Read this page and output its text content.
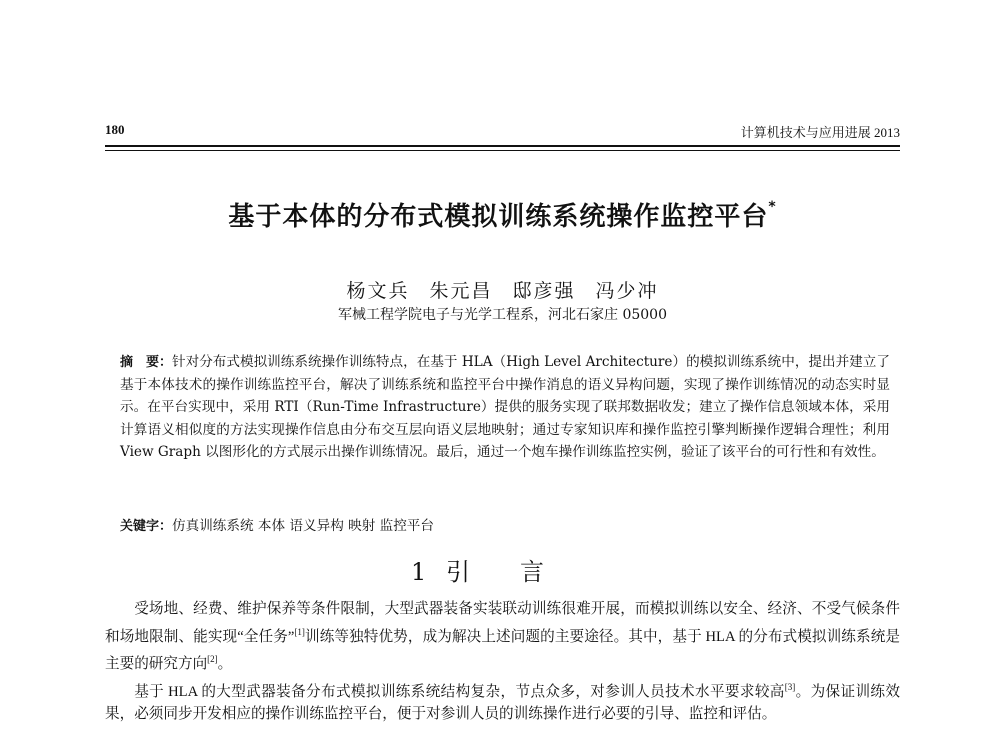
180	计算机技术与应用进展 2013
基于本体的分布式模拟训练系统操作监控平台*
杨文兵 朱元昌 邸彦强 冯少冲
军械工程学院电子与光学工程系，河北石家庄 05000
摘　要：针对分布式模拟训练系统操作训练特点，在基于 HLA（High Level Architecture）的模拟训练系统中，提出并建立了基于本体技术的操作训练监控平台，解决了训练系统和监控平台中操作消息的语义异构问题，实现了操作训练情况的动态实时显示。在平台实现中，采用 RTI（Run-Time Infrastructure）提供的服务实现了联邦数据收发；建立了操作信息领域本体，采用计算语义相似度的方法实现操作信息由分布交互层向语义层地映射；通过专家知识库和操作监控引擎判断操作逻辑合理性；利用 View Graph 以图形化的方式展示出操作训练情况。最后，通过一个炮车操作训练监控实例，验证了该平台的可行性和有效性。
关键字：仿真训练系统 本体 语义异构 映射 监控平台
1 引言

受场地、经费、维护保养等条件限制，大型武器装备实装联动训练很难开展，而模拟训练以安全、经济、不受气候条件和场地限制、能实现“全任务”[1]训练等独特优势，成为解决上述问题的主要途径。其中，基于 HLA 的分布式模拟训练系统是主要的研究方向[2]。

基于 HLA 的大型武器装备分布式模拟训练系统结构复杂，节点众多，对参训人员技术水平要求较高[3]。为保证训练效果，必须同步开发相应的操作训练监控平台，便于对参训人员的训练操作进行必要的引导、监控和评估。
